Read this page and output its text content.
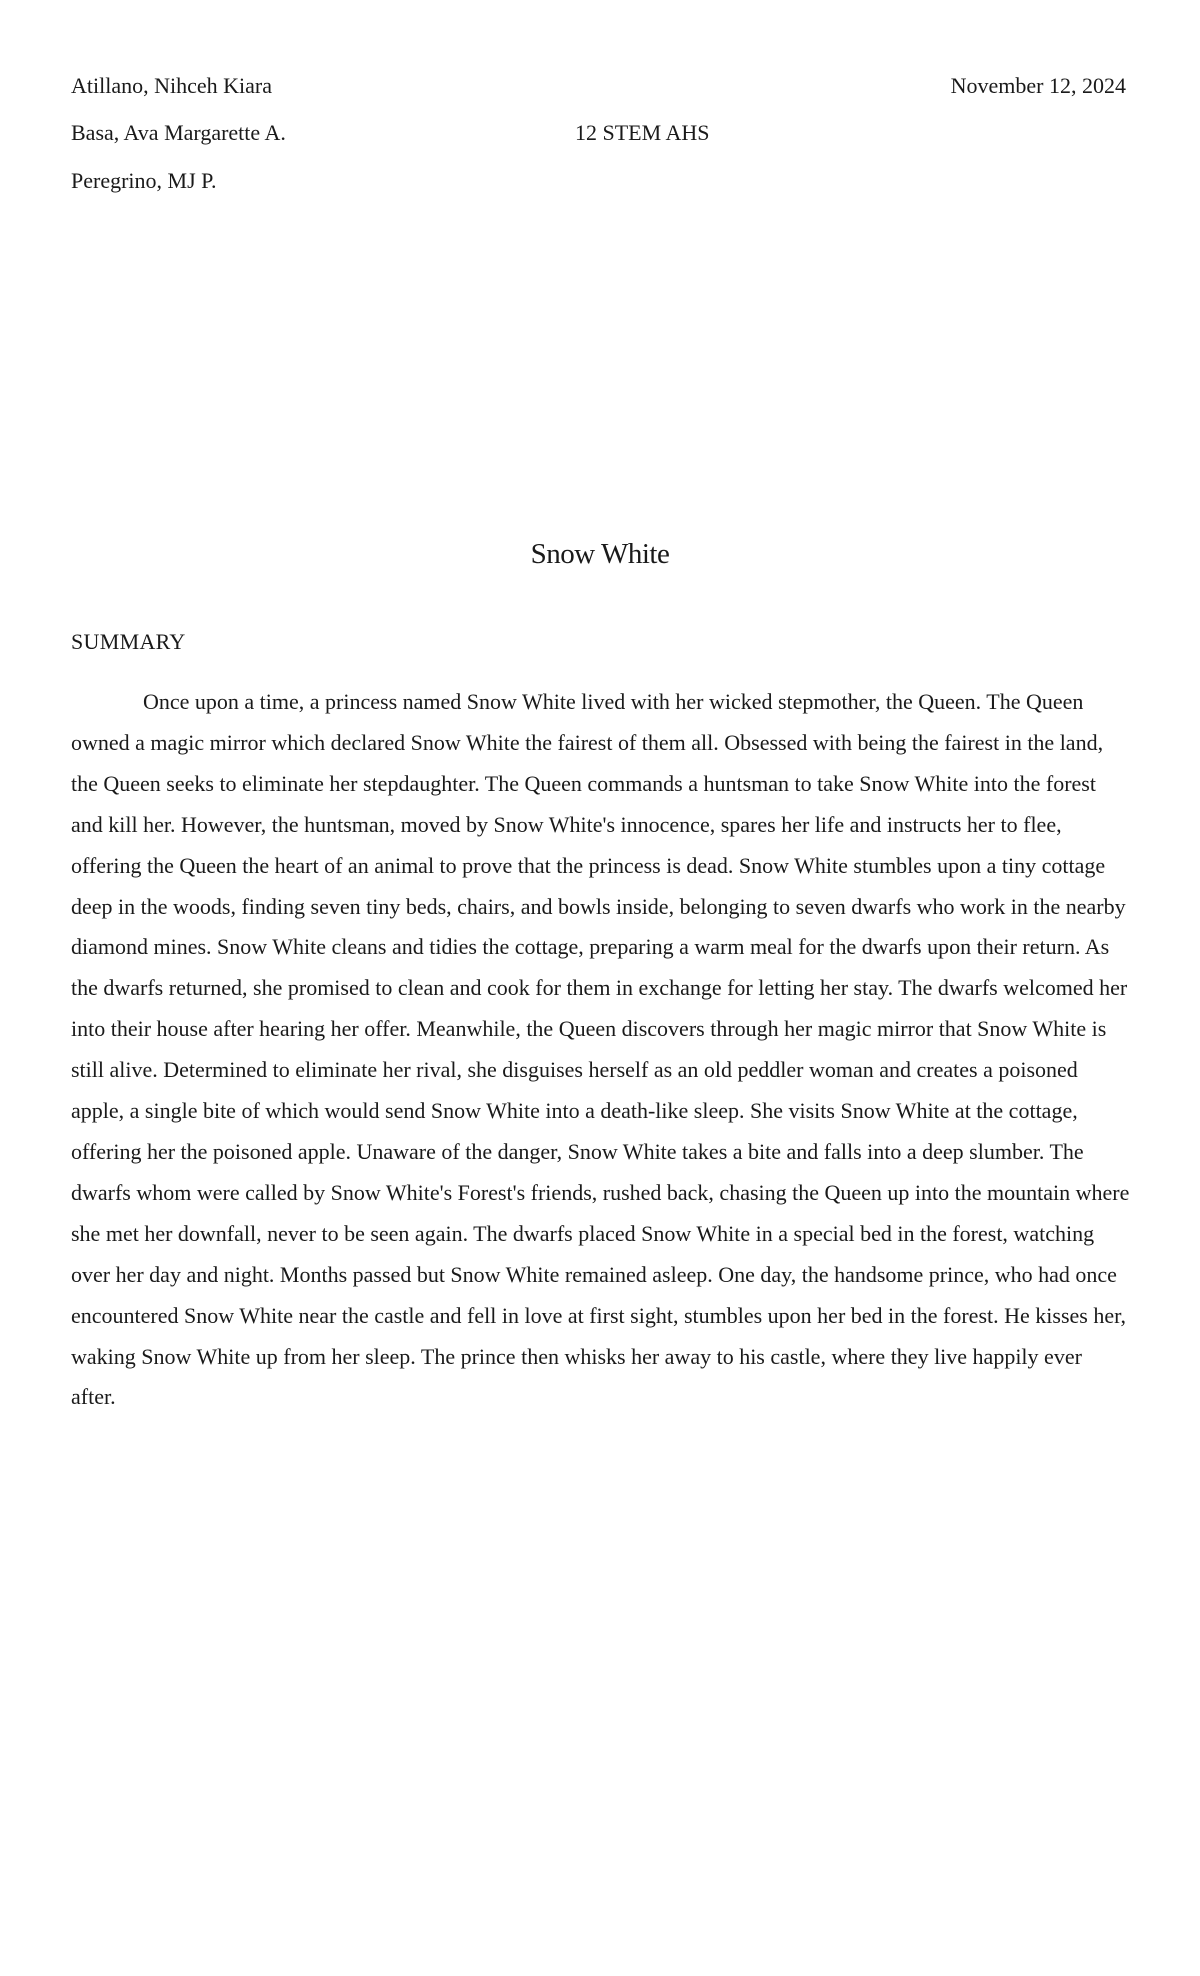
Atillano, Nihceh Kiara
Basa, Ava Margarette A.
Peregrino, MJ P.
November 12, 2024
12 STEM AHS
Snow White
SUMMARY

Once upon a time, a princess named Snow White lived with her wicked stepmother, the Queen. The Queen owned a magic mirror which declared Snow White the fairest of them all. Obsessed with being the fairest in the land, the Queen seeks to eliminate her stepdaughter. The Queen commands a huntsman to take Snow White into the forest and kill her. However, the huntsman, moved by Snow White's innocence, spares her life and instructs her to flee, offering the Queen the heart of an animal to prove that the princess is dead. Snow White stumbles upon a tiny cottage deep in the woods, finding seven tiny beds, chairs, and bowls inside, belonging to seven dwarfs who work in the nearby diamond mines. Snow White cleans and tidies the cottage, preparing a warm meal for the dwarfs upon their return. As the dwarfs returned, she promised to clean and cook for them in exchange for letting her stay. The dwarfs welcomed her into their house after hearing her offer. Meanwhile, the Queen discovers through her magic mirror that Snow White is still alive. Determined to eliminate her rival, she disguises herself as an old peddler woman and creates a poisoned apple, a single bite of which would send Snow White into a death-like sleep. She visits Snow White at the cottage, offering her the poisoned apple. Unaware of the danger, Snow White takes a bite and falls into a deep slumber. The dwarfs whom were called by Snow White's Forest's friends, rushed back, chasing the Queen up into the mountain where she met her downfall, never to be seen again. The dwarfs placed Snow White in a special bed in the forest, watching over her day and night. Months passed but Snow White remained asleep. One day, the handsome prince, who had once encountered Snow White near the castle and fell in love at first sight, stumbles upon her bed in the forest. He kisses her, waking Snow White up from her sleep. The prince then whisks her away to his castle, where they live happily ever after.
